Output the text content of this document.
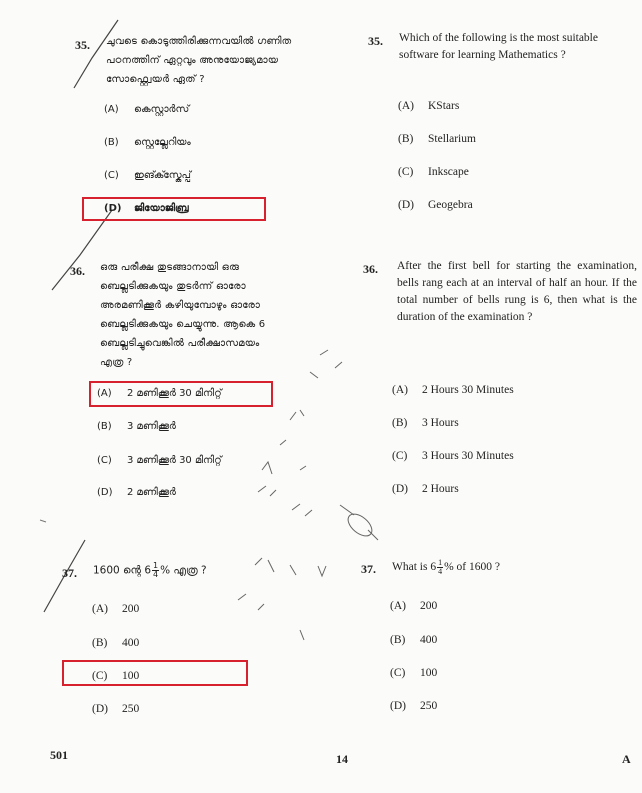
35. ചുവടെ കൊടുത്തിരിക്കുന്നവയിൽ ഗണിത
പഠനത്തിന് ഏറ്റവും അനുയോജ്യമായ
സോഫ്റ്റ്വെയർ ഏത് ?
(A) കെസ്റ്റാർസ്
(B) സ്റ്റെല്ലേറിയം
(C) ഇങ്ക്സ്കേപ്പ്
(D) ജിയോജിബ്ര
35. Which of the following is the most suitable software for learning Mathematics ?
(A) KStars
(B) Stellarium
(C) Inkscape
(D) Geogebra
36. ഒരു പരീക്ഷ തുടങ്ങാനായി ഒരു
ബെല്ലടിക്കുകയും തുടർന്ന് ഓരോ
അരമണിക്കൂർ കഴിയുമ്പോഴും ഓരോ
ബെല്ലടിക്കുകയും ചെയ്യുന്നു. ആകെ 6
ബെല്ലടിച്ചുവെങ്കിൽ പരീക്ഷാസമയം
എത്ര ?
(A) 2 മണിക്കൂർ 30 മിനിറ്റ്
(B) 3 മണിക്കൂർ
(C) 3 മണിക്കൂർ 30 മിനിറ്റ്
(D) 2 മണിക്കൂർ
36. After the first bell for starting the examination, bells rang each at an interval of half an hour. If the total number of bells rung is 6, then what is the duration of the examination ?
(A) 2 Hours 30 Minutes
(B) 3 Hours
(C) 3 Hours 30 Minutes
(D) 2 Hours
37. 1600 ന്റെ $6 \frac{1}{4}$ % എത്ര ?
(A) 200
(B) 400
(C) 100
(D) 250
37. What is $6 \frac{1}{4}$ % of 1600 ?
(A) 200
(B) 400
(C) 100
(D) 250
501	14	A
